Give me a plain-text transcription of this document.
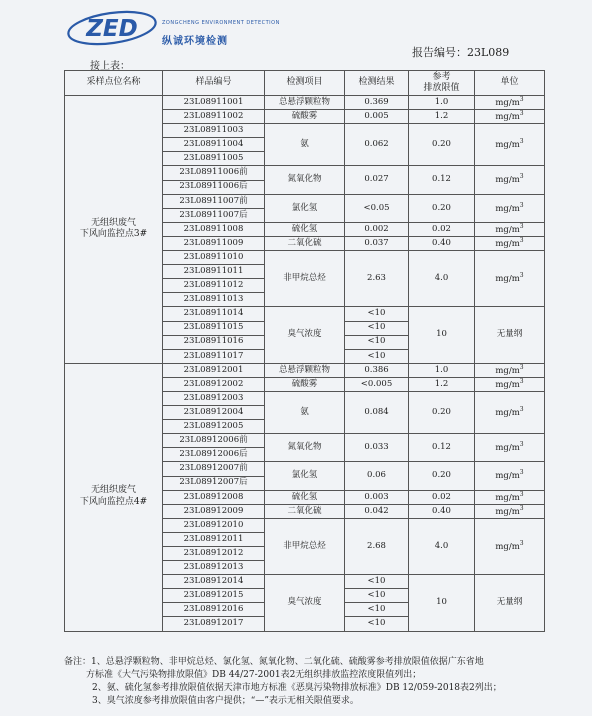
ZED	ZONGCHENG ENVIRONMENT DETECTION
纵诚环境检测
报告编号：23L089
接上表：
采样点位名称	样品编号	检测项目	检测结果	参考
排放限值	单位
无组织废气
下风向监控点3#	23L08911001	总悬浮颗粒物	0.369	1.0	$mg/m^3$
	23L08911002	硫酸雾	0.005	1.2	$mg/m^3$
	23L08911003	氨	0.062	0.20	$mg/m^3$
	23L08911004				
	23L08911005				
	23L08911006前	氮氧化物	0.027	0.12	$mg/m^3$
	23L08911006后				
	23L08911007前	氯化氢	<0.05	0.20	$mg/m^3$
	23L08911007后				
	23L08911008	硫化氢	0.002	0.02	$mg/m^3$
	23L08911009	二氧化硫	0.037	0.40	$mg/m^3$
	23L08911010	非甲烷总烃	2.63	4.0	$mg/m^3$
	23L08911011				
	23L08911012				
	23L08911013				
	23L08911014	臭气浓度	<10	10	无量纲
	23L08911015		<10		
	23L08911016		<10		
	23L08911017		<10		
无组织废气
下风向监控点4#	23L08912001	总悬浮颗粒物	0.386	1.0	$mg/m^3$
	23L08912002	硫酸雾	<0.005	1.2	$mg/m^3$
	23L08912003	氨	0.084	0.20	$mg/m^3$
	23L08912004				
	23L08912005				
	23L08912006前	氮氧化物	0.033	0.12	$mg/m^3$
	23L08912006后				
	23L08912007前	氯化氢	0.06	0.20	$mg/m^3$
	23L08912007后				
	23L08912008	硫化氢	0.003	0.02	$mg/m^3$
	23L08912009	二氧化硫	0.042	0.40	$mg/m^3$
	23L08912010	非甲烷总烃	2.68	4.0	$mg/m^3$
	23L08912011				
	23L08912012				
	23L08912013				
	23L08912014	臭气浓度	<10	10	无量纲
	23L08912015		<10		
	23L08912016		<10		
	23L08912017		<10		
备注：1、总悬浮颗粒物、非甲烷总烃、氯化氢、氮氧化物、二氧化硫、硫酸雾参考排放限值依据广东省地
方标准《大气污染物排放限值》DB 44/27-2001表2无组织排放监控浓度限值列出；
2、氨、硫化氢参考排放限值依据天津市地方标准《恶臭污染物排放标准》DB 12/059-2018表2列出；
3、臭气浓度参考排放限值由客户提供；“—”表示无相关限值要求。
